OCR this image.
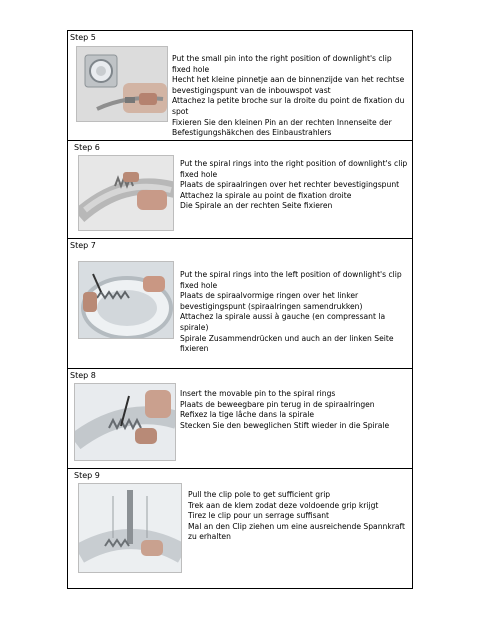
Step 5
Put the small pin into the right position of downlight's clip fixed hole
Hecht het kleine pinnetje aan de binnenzijde van het rechtse bevestigingspunt van de inbouwspot vast
Attachez la petite broche sur la droite du point de fixation du spot
Fixieren Sie den kleinen Pin an der rechten Innenseite der Befestigungshäkchen des Einbaustrahlers
Step 6
Put the spiral rings into the right position of downlight's clip fixed hole
Plaats de spiraalringen over het rechter bevestigingspunt
Attachez la spirale au point de fixation droite
Die Spirale an der rechten Seite fixieren
Step 7
Put the spiral rings into the left position of downlight's clip fixed hole
Plaats de spiraalvormige ringen over het linker bevestigingspunt (spiraalringen samendrukken)
Attachez la spirale aussi à gauche (en compressant la spirale)
Spirale Zusammendrücken und auch an der linken Seite fixieren
Step 8
Insert the movable pin to the spiral rings
Plaats de beweegbare pin terug in de spiraalringen
Refixez la tige lâche dans la spirale
Stecken Sie den beweglichen Stift wieder in die Spirale
Step 9
Pull the clip pole to get sufficient grip
Trek aan de klem zodat deze voldoende grip krijgt
Tirez le clip pour un serrage suffisant
Mal an den Clip ziehen um eine ausreichende Spannkraft zu erhalten
